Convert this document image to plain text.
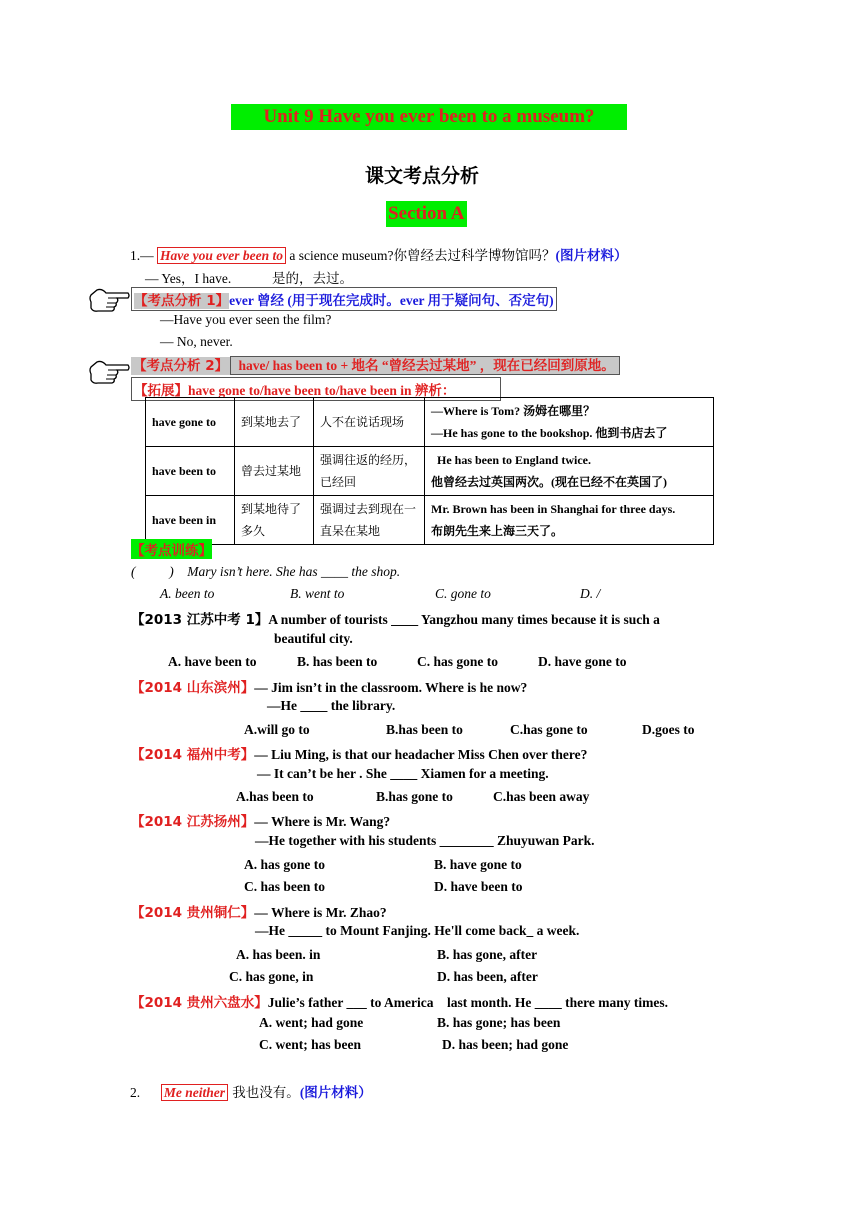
Unit 9 Have you ever been to a museum?
课文考点分析
Section A
1.— Have you ever been to a science museum?你曾经去过科学博物馆吗？(图片材料）
— Yes，I have.	是的，去过。
【考点分析 1】ever 曾经 (用于现在完成时。ever 用于疑问句、否定句)
—Have you ever seen the film?
— No, never.
【考点分析 2】 have/ has been to + 地名 “曾经去过某地” ，现在已经回到原地。
【拓展】have gone to/have been to/have been in 辨析：
have gone to	到某地去了	人不在说话现场	—Where is Tom? 汤姆在哪里？
—He has gone to the bookshop. 他到书店去了

have been to	曾去过某地	强调往返的经历，已经回	He has been to England twice.
他曾经去过英国两次。(现在已经不在英国了)

have been in	到某地待了多久	强调过去到现在一直呆在某地	Mr. Brown has been in Shanghai for three days.
布朗先生来上海三天了。
【考点训练】
(          )    Mary isn’t here. She has ____ the shop.
A. been to	B. went to	C. gone to	D. /
【2013 江苏中考 1】A number of tourists ____ Yangzhou many times because it is such a
beautiful city.
A. have been to	B. has been to	C. has gone to	D. have gone to
【2014 山东滨州】— Jim isn’t in the classroom. Where is he now?
—He ____ the library.
A.will go to	B.has been to	C.has gone to	D.goes to
【2014 福州中考】— Liu Ming, is that our headacher Miss Chen over there?
— It can’t be her . She ____ Xiamen for a meeting.
A.has been to	B.has gone to	C.has been away
【2014 江苏扬州】— Where is Mr. Wang?
—He together with his students ________ Zhuyuwan Park.
A. has gone to	B. have gone to
C. has been to	D. have been to
【2014 贵州铜仁】— Where is Mr. Zhao?
—He _____ to Mount Fanjing. He'll come back_ a week.
A. has been. in	B. has gone, after
C. has gone, in	D. has been, after
【2014 贵州六盘水】Julie’s father ___ to America    last month. He ____ there many times.
A. went; had gone	B. has gone; has been
C. went; has been	D. has been; had gone
2. Me neither 我也没有。(图片材料）
